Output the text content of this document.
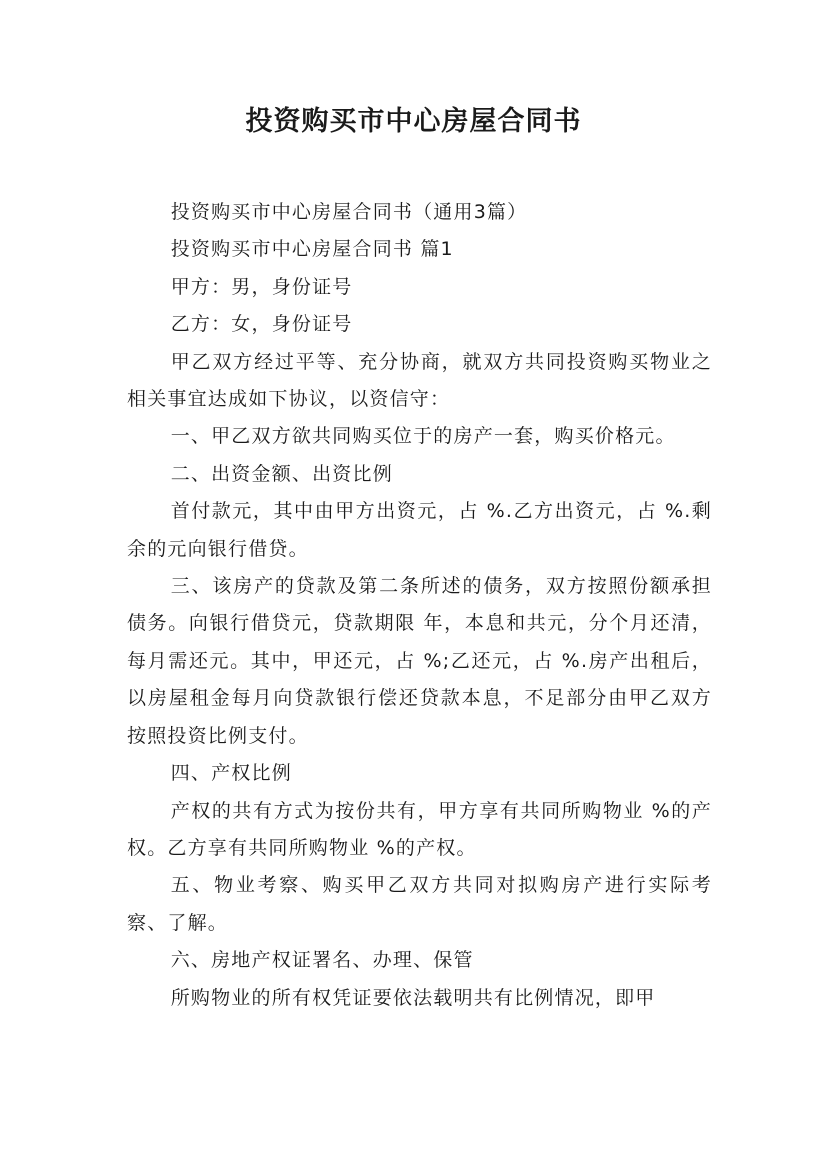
投资购买市中心房屋合同书

投资购买市中心房屋合同书（通用3篇）

投资购买市中心房屋合同书 篇1

甲方：男，身份证号

乙方：女，身份证号

甲乙双方经过平等、充分协商，就双方共同投资购买物业之相关事宜达成如下协议，以资信守：

一、甲乙双方欲共同购买位于的房产一套，购买价格元。

二、出资金额、出资比例

首付款元，其中由甲方出资元，占 %.乙方出资元，占 %.剩余的元向银行借贷。

三、该房产的贷款及第二条所述的债务，双方按照份额承担债务。向银行借贷元，贷款期限 年，本息和共元，分个月还清，每月需还元。其中，甲还元，占 %;乙还元，占 %.房产出租后，以房屋租金每月向贷款银行偿还贷款本息，不足部分由甲乙双方按照投资比例支付。

四、产权比例

产权的共有方式为按份共有，甲方享有共同所购物业 %的产权。乙方享有共同所购物业 %的产权。

五、物业考察、购买甲乙双方共同对拟购房产进行实际考察、了解。

六、房地产权证署名、办理、保管

所购物业的所有权凭证要依法载明共有比例情况，即甲
